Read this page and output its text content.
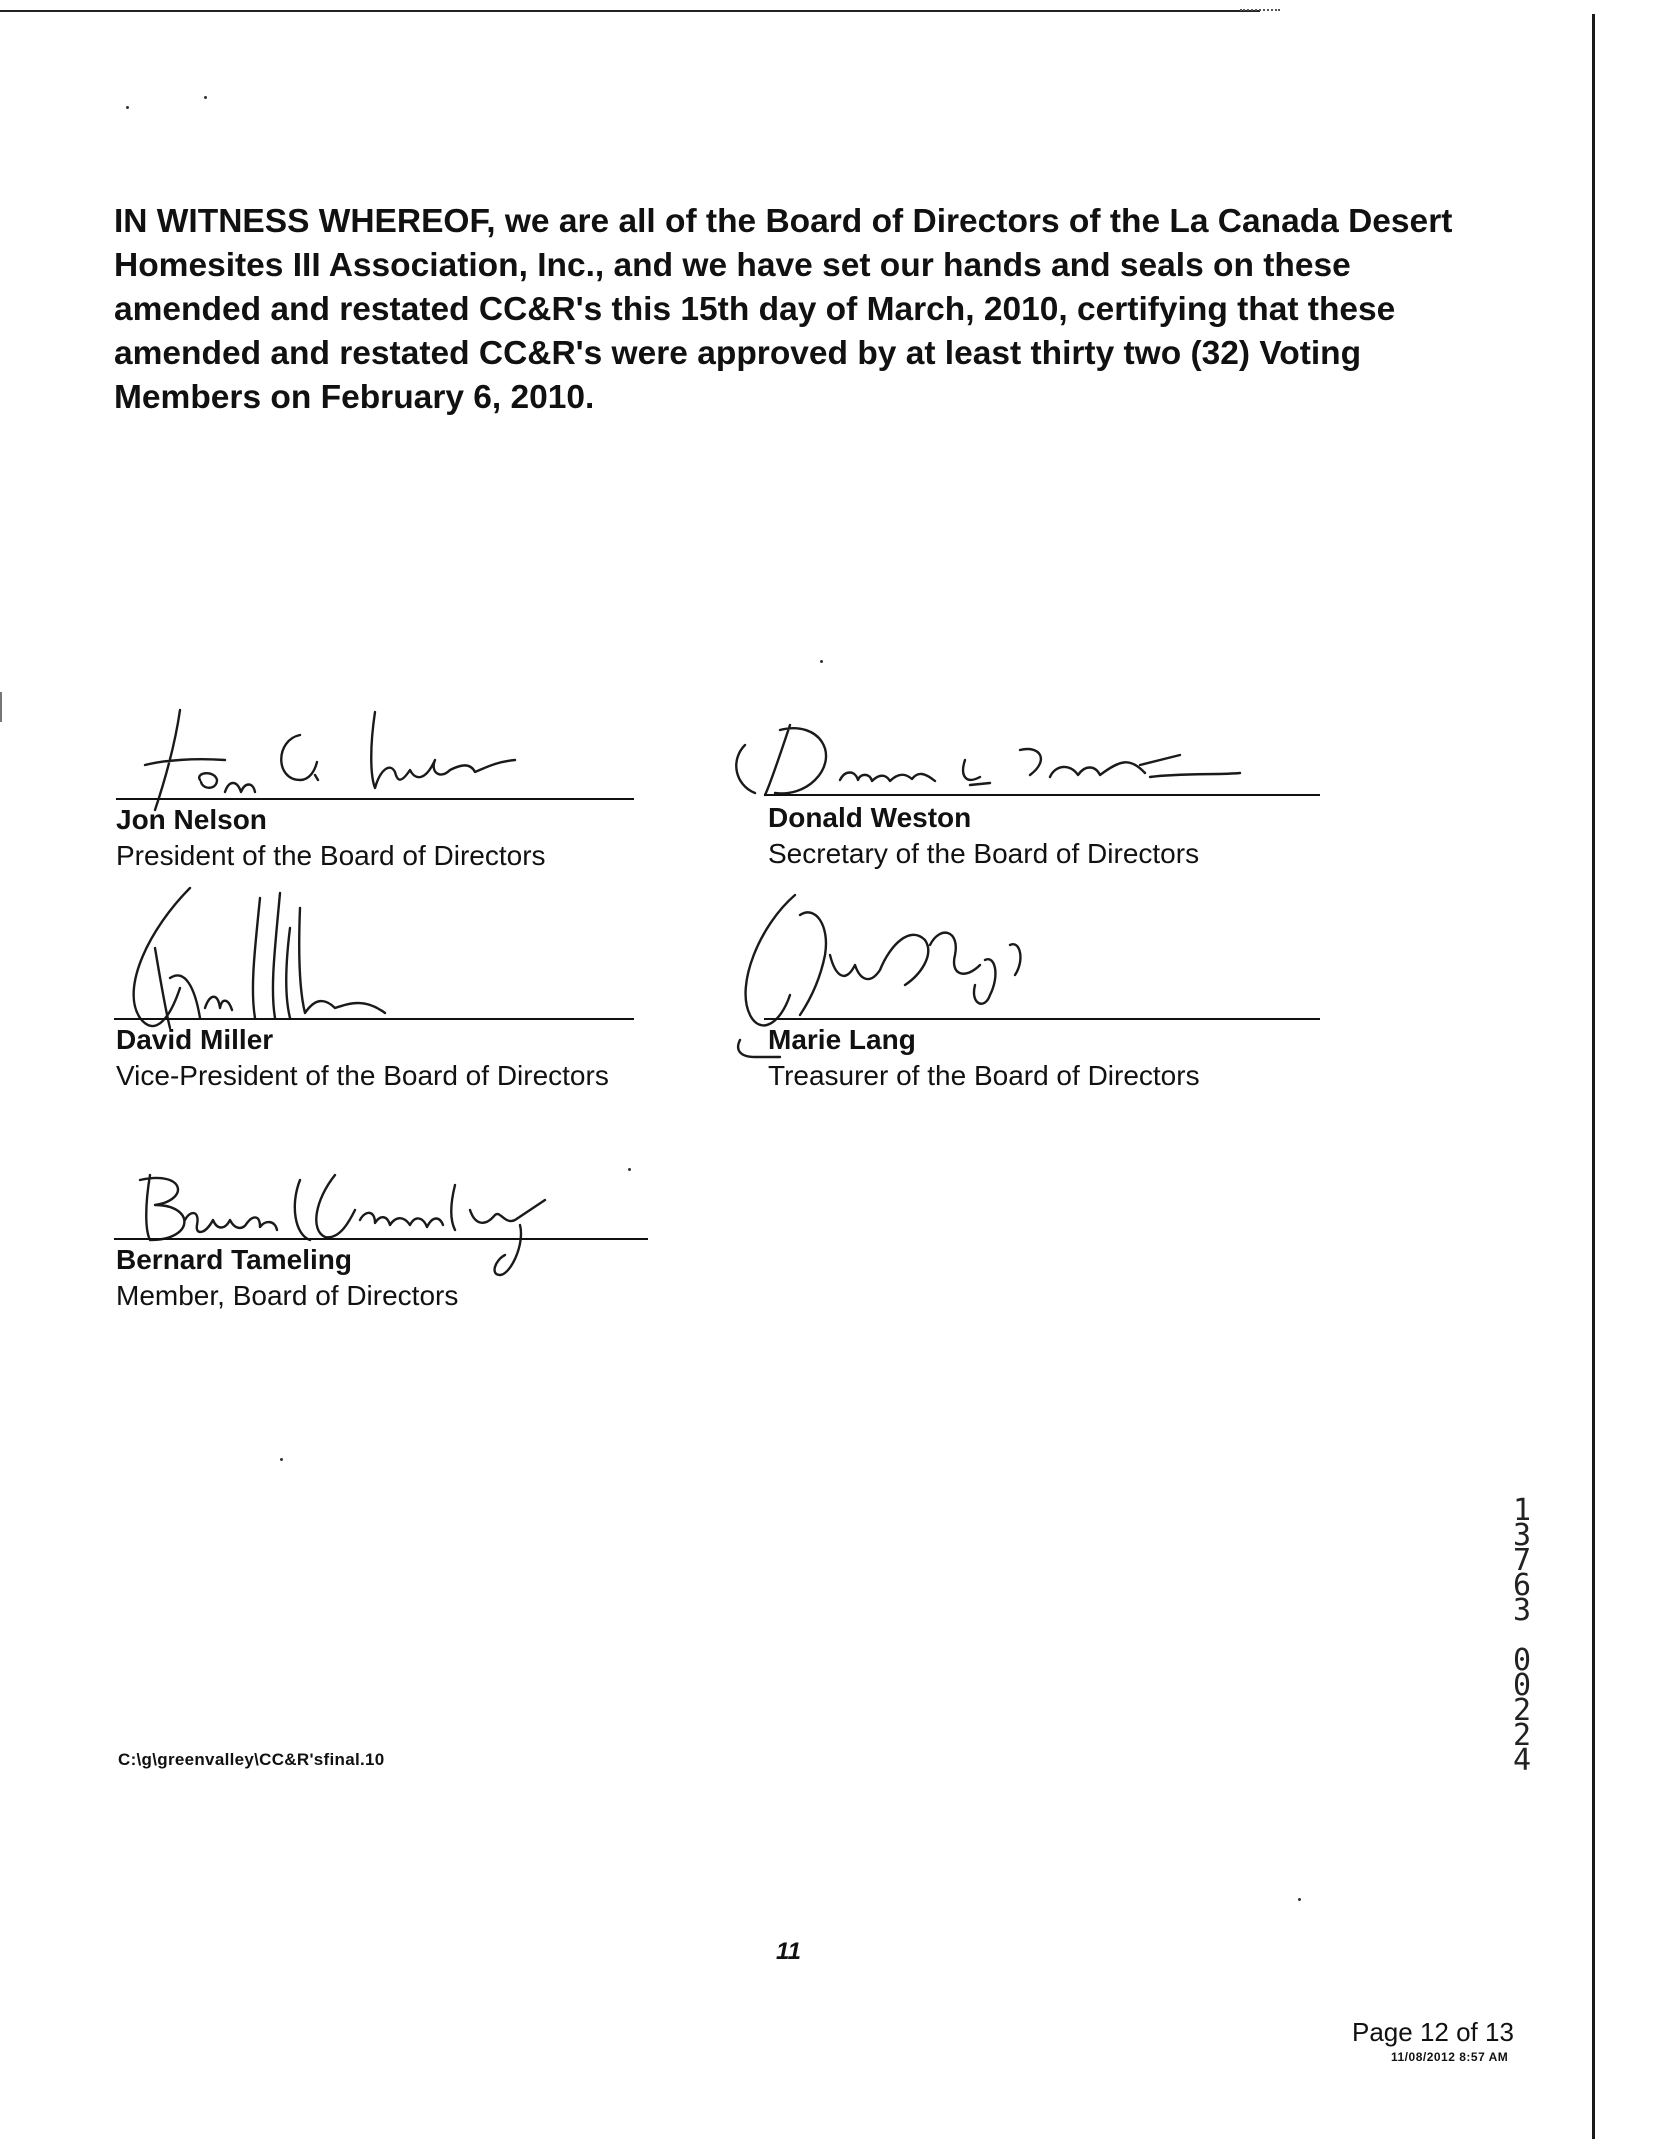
IN WITNESS WHEREOF, we are all of the Board of Directors of the La Canada Desert Homesites III Association, Inc., and we have set our hands and seals on these amended and restated CC&R's this 15th day of March, 2010, certifying that these amended and restated CC&R's were approved by at least thirty two (32) Voting Members on February 6, 2010.

Jon Nelson
President of the Board of Directors
Donald Weston
Secretary of the Board of Directors
David Miller
Vice-President of the Board of Directors
Marie Lang
Treasurer of the Board of Directors
Bernard Tameling
Member, Board of Directors
C:\g\greenvalley\CC&R'sfinal.10
11
Page 12 of 13
11/08/2012 8:57 AM
1
3
7
6
3
0
0
2
2
4
